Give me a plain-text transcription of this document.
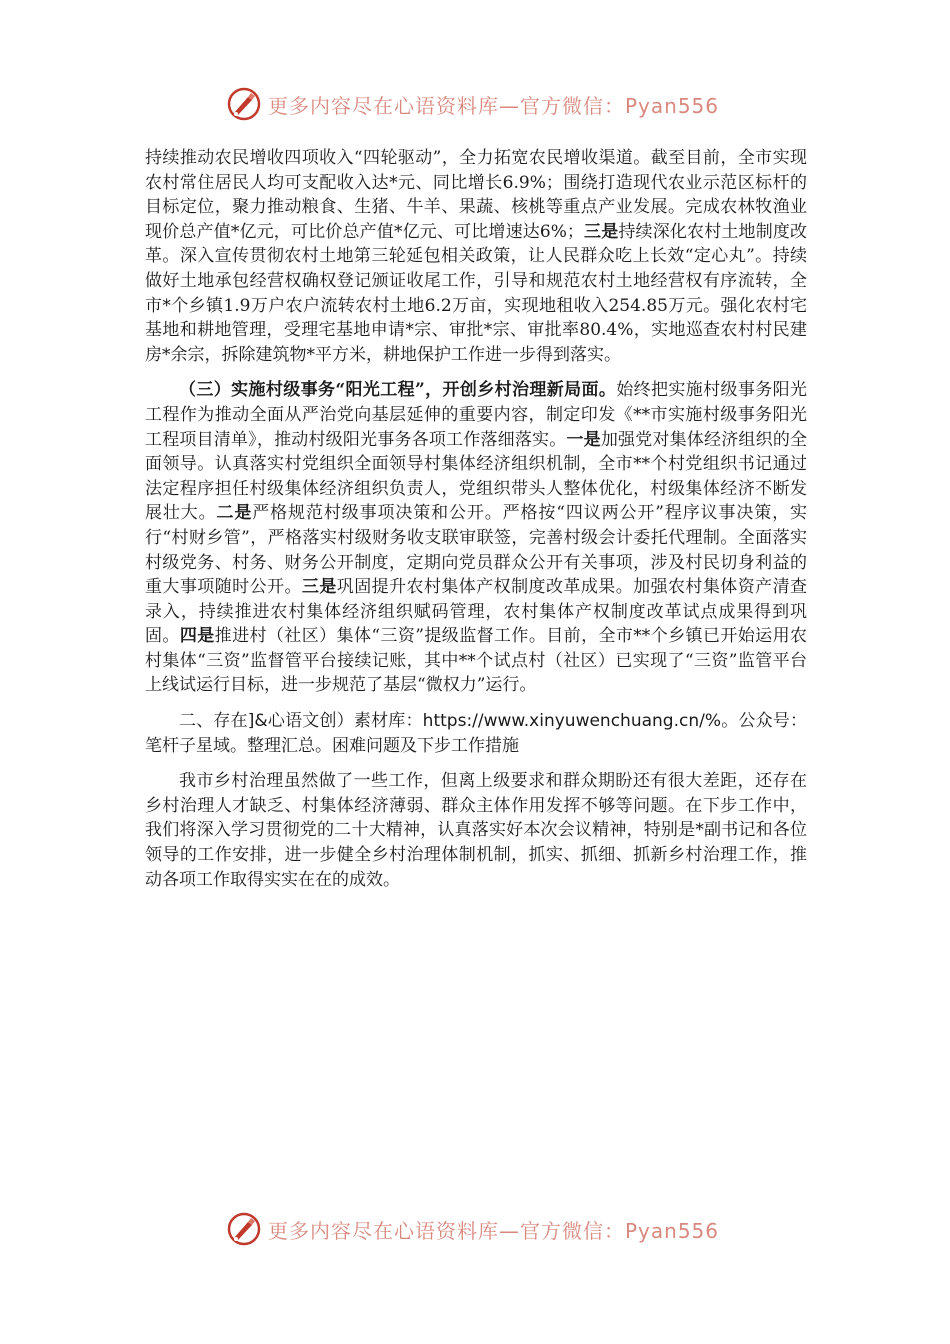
更多内容尽在心语资料库—官方微信：Pyan556

持续推动农民增收四项收入“四轮驱动”，全力拓宽农民增收渠道。截至目前，全市实现农村常住居民人均可支配收入达*元、同比增长6.9%；围绕打造现代农业示范区标杆的目标定位，聚力推动粮食、生猪、牛羊、果蔬、核桃等重点产业发展。完成农林牧渔业现价总产值*亿元，可比价总产值*亿元、可比增速达6%；三是持续深化农村土地制度改革。深入宣传贯彻农村土地第三轮延包相关政策，让人民群众吃上长效“定心丸”。持续做好土地承包经营权确权登记颁证收尾工作，引导和规范农村土地经营权有序流转，全市*个乡镇1.9万户农户流转农村土地6.2万亩，实现地租收入254.85万元。强化农村宅基地和耕地管理，受理宅基地申请*宗、审批*宗、审批率80.4%，实地巡查农村村民建房*余宗，拆除建筑物*平方米，耕地保护工作进一步得到落实。

（三）实施村级事务“阳光工程”，开创乡村治理新局面。始终把实施村级事务阳光工程作为推动全面从严治党向基层延伸的重要内容，制定印发《**市实施村级事务阳光工程项目清单》，推动村级阳光事务各项工作落细落实。一是加强党对集体经济组织的全面领导。认真落实村党组织全面领导村集体经济组织机制，全市**个村党组织书记通过法定程序担任村级集体经济组织负责人，党组织带头人整体优化，村级集体经济不断发展壮大。二是严格规范村级事项决策和公开。严格按“四议两公开”程序议事决策，实行“村财乡管”，严格落实村级财务收支联审联签，完善村级会计委托代理制。全面落实村级党务、村务、财务公开制度，定期向党员群众公开有关事项，涉及村民切身利益的重大事项随时公开。三是巩固提升农村集体产权制度改革成果。加强农村集体资产清查录入，持续推进农村集体经济组织赋码管理，农村集体产权制度改革试点成果得到巩固。四是推进村（社区）集体“三资”提级监督工作。目前，全市**个乡镇已开始运用农村集体“三资”监督管平台接续记账，其中**个试点村（社区）已实现了“三资”监管平台上线试运行目标，进一步规范了基层“微权力”运行。

二、存在]&心语文创）素材库：https://www.xinyuwenchuang.cn/%。公众号：笔杆子星域。整理汇总。困难问题及下步工作措施

我市乡村治理虽然做了一些工作，但离上级要求和群众期盼还有很大差距，还存在乡村治理人才缺乏、村集体经济薄弱、群众主体作用发挥不够等问题。在下步工作中，我们将深入学习贯彻党的二十大精神，认真落实好本次会议精神，特别是*副书记和各位领导的工作安排，进一步健全乡村治理体制机制，抓实、抓细、抓新乡村治理工作，推动各项工作取得实实在在的成效。

更多内容尽在心语资料库—官方微信：Pyan556
